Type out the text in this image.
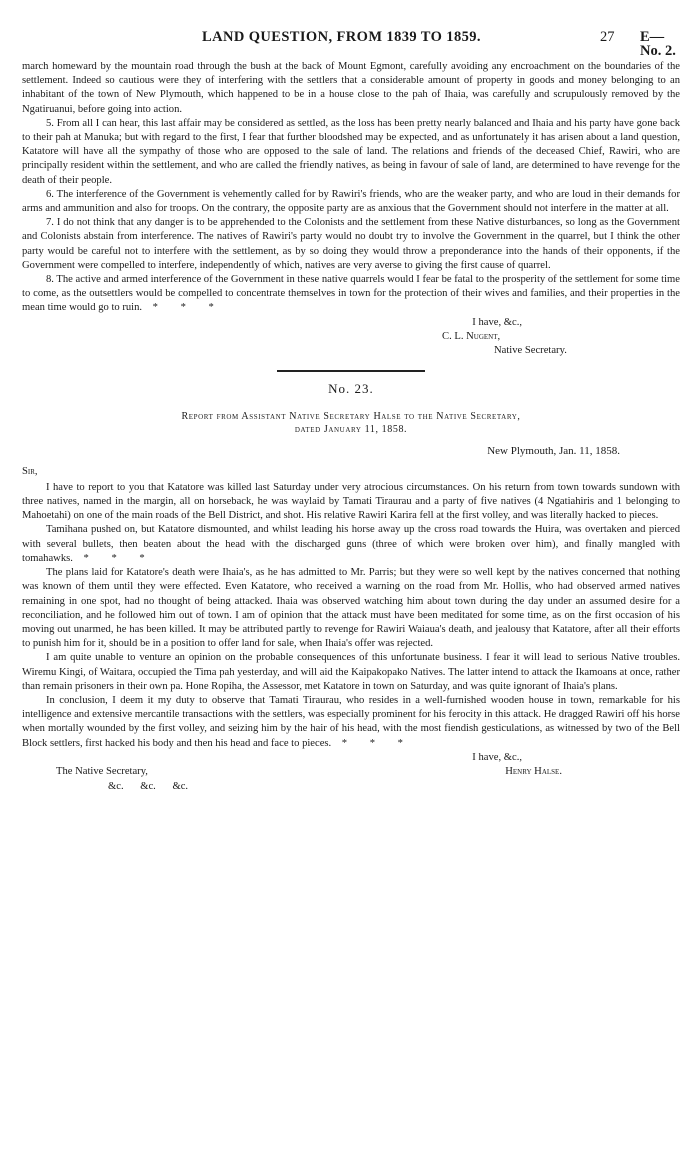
LAND QUESTION, FROM 1839 TO 1859.	27 E—No. 2.

march homeward by the mountain road through the bush at the back of Mount Egmont, carefully avoiding any encroachment on the boundaries of the settlement. Indeed so cautious were they of interfering with the settlers that a considerable amount of property in goods and money belonging to an inhabitant of the town of New Plymouth, which happened to be in a house close to the pah of Ihaia, was carefully and scrupulously removed by the Ngatiruanui, before going into action.

5. From all I can hear, this last affair may be considered as settled, as the loss has been pretty nearly balanced and Ihaia and his party have gone back to their pah at Manuka; but with regard to the first, I fear that further bloodshed may be expected, and as unfortunately it has arisen about a land question, Katatore will have all the sympathy of those who are opposed to the sale of land. The relations and friends of the deceased Chief, Rawiri, who are principally resident within the settlement, and who are called the friendly natives, as being in favour of sale of land, are determined to have revenge for the death of their people.

6. The interference of the Government is vehemently called for by Rawiri's friends, who are the weaker party, and who are loud in their demands for arms and ammunition and also for troops. On the contrary, the opposite party are as anxious that the Government should not interfere in the matter at all.

7. I do not think that any danger is to be apprehended to the Colonists and the settlement from these Native disturbances, so long as the Government and Colonists abstain from interference. The natives of Rawiri's party would no doubt try to involve the Government in the quarrel, but I think the other party would be careful not to interfere with the settlement, as by so doing they would throw a preponderance into the hands of their opponents, if the Government were compelled to interfere, independently of which, natives are very averse to giving the first cause of quarrel.

8. The active and armed interference of the Government in these native quarrels would I fear be fatal to the prosperity of the settlement for some time to come, as the outsettlers would be compelled to concentrate themselves in town for the protection of their wives and families, and their properties in the mean time would go to ruin. * * *

I have, &c.,
C. L. Nugent,
Native Secretary.
No. 23.
Report from Assistant Native Secretary Halse to the Native Secretary,
dated January 11, 1858.
New Plymouth, Jan. 11, 1858.
Sir,

I have to report to you that Katatore was killed last Saturday under very atrocious circumstances. On his return from town towards sundown with three natives, named in the margin, all on horseback, he was waylaid by Tamati Tiraurau and a party of five natives (4 Ngatiahiris and 1 belonging to Mahoetahi) on one of the main roads of the Bell District, and shot. His relative Rawiri Karira fell at the first volley, and was literally hacked to pieces.

Tamihana pushed on, but Katatore dismounted, and whilst leading his horse away up the cross road towards the Huira, was overtaken and pierced with several bullets, then beaten about the head with the discharged guns (three of which were broken over him), and finally mangled with tomahawks. * * *

The plans laid for Katatore's death were Ihaia's, as he has admitted to Mr. Parris; but they were so well kept by the natives concerned that nothing was known of them until they were effected. Even Katatore, who received a warning on the road from Mr. Hollis, who had observed armed natives remaining in one spot, had no thought of being attacked. Ihaia was observed watching him about town during the day under an assumed desire for a reconciliation, and he followed him out of town. I am of opinion that the attack must have been meditated for some time, as on the first occasion of his moving out unarmed, he has been killed. It may be attributed partly to revenge for Rawiri Waiaua's death, and jealousy that Katatore, after all their efforts to punish him for it, should be in a position to offer land for sale, when Ihaia's offer was rejected.

I am quite unable to venture an opinion on the probable consequences of this unfortunate business. I fear it will lead to serious Native troubles. Wiremu Kingi, of Waitara, occupied the Tima pah yesterday, and will aid the Kaipakopako Natives. The latter intend to attack the Ikamoans at once, rather than remain prisoners in their own pa. Hone Ropiha, the Assessor, met Katatore in town on Saturday, and was quite ignorant of Ihaia's plans.

In conclusion, I deem it my duty to observe that Tamati Tiraurau, who resides in a well-furnished wooden house in town, remarkable for his intelligence and extensive mercantile transactions with the settlers, was especially prominent for his ferocity in this attack. He dragged Rawiri off his horse when mortally wounded by the first volley, and seizing him by the hair of his head, with the most fiendish gesticulations, as witnessed by two of the Bell Block settlers, first hacked his body and then his head and face to pieces. * * *

I have, &c.,
The Native Secretary,
&c. &c. &c.
Henry Halse.
